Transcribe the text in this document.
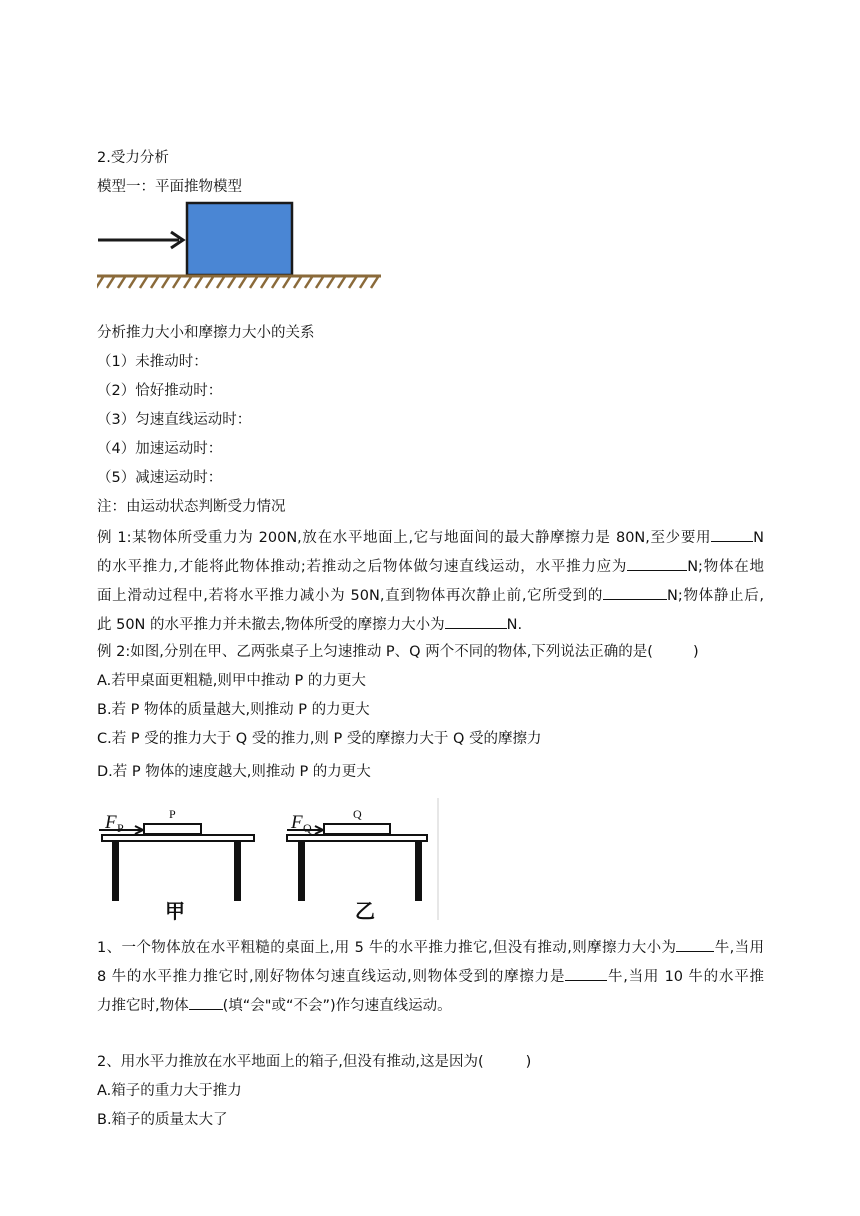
2.受力分析
模型一：平面推物模型
分析推力大小和摩擦力大小的关系
（1）未推动时：
（2）恰好推动时：
（3）匀速直线运动时：
（4）加速运动时：
（5）减速运动时：
注：由运动状态判断受力情况
例 1:某物体所受重力为 200N,放在水平地面上,它与地面间的最大静摩擦力是 80N,至少要用	N
的水平推力,才能将此物体推动;若推动之后物体做匀速直线运动，水平推力应为	N;物体在地
面上滑动过程中,若将水平推力减小为 50N,直到物体再次静止前,它所受到的	N;物体静止后,
此 50N 的水平推力并未撤去,物体所受的摩擦力大小为	N.
例 2:如图,分别在甲、乙两张桌子上匀速推动 P、Q 两个不同的物体,下列说法正确的是(	)
A.若甲桌面更粗糙,则甲中推动 P 的力更大
B.若 P 物体的质量越大,则推动 P 的力更大
C.若 P 受的推力大于 Q 受的推力,则 P 受的摩擦力大于 Q 受的摩擦力
D.若 P 物体的速度越大,则推动 P 的力更大
F P
P
甲
F Q
Q
乙
1、一个物体放在水平粗糙的桌面上,用 5 牛的水平推力推它,但没有推动,则摩擦力大小为	牛,当用
8 牛的水平推力推它时,刚好物体匀速直线运动,则物体受到的摩擦力是	牛,当用 10 牛的水平推
力推它时,物体 (填“会"或“不会”)作匀速直线运动。
2、用水平力推放在水平地面上的箱子,但没有推动,这是因为(	)
A.箱子的重力大于推力
B.箱子的质量太大了
